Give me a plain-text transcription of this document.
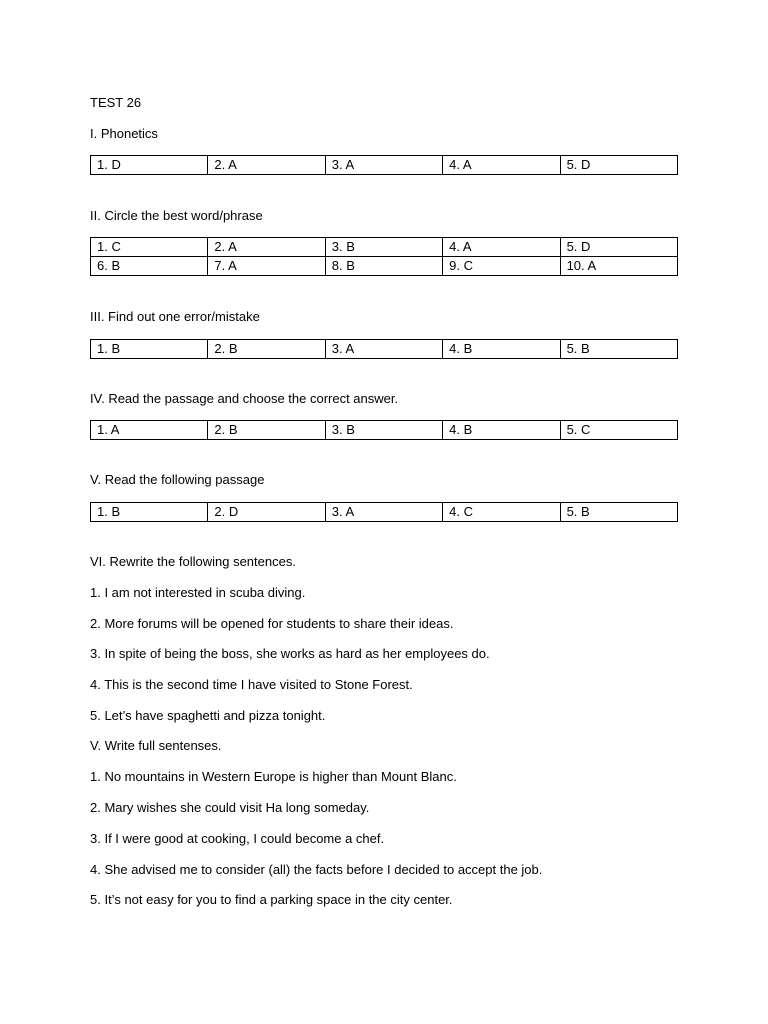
TEST 26
I. Phonetics
1. D	2. A	3. A	4. A	5. D
II. Circle the best word/phrase
1. C	2. A	3. B	4. A	5. D
6. B	7. A	8. B	9. C	10. A
III. Find out one error/mistake
1. B	2. B	3. A	4. B	5. B
IV. Read the passage and choose the correct answer.
1. A	2. B	3. B	4. B	5. C
V. Read the following passage
1. B	2. D	3. A	4. C	5. B
VI. Rewrite the following sentences.
1. I am not interested in scuba diving.
2. More forums will be opened for students to share their ideas.
3. In spite of being the boss, she works as hard as her employees do.
4. This is the second time I have visited to Stone Forest.
5. Let’s have spaghetti and pizza tonight.
V. Write full sentenses.
1. No mountains in Western Europe is higher than Mount Blanc.
2. Mary wishes she could visit Ha long someday.
3. If I were good at cooking, I could become a chef.
4. She advised me to consider (all) the facts before I decided to accept the job.
5. It’s not easy for you to find a parking space in the city center.
